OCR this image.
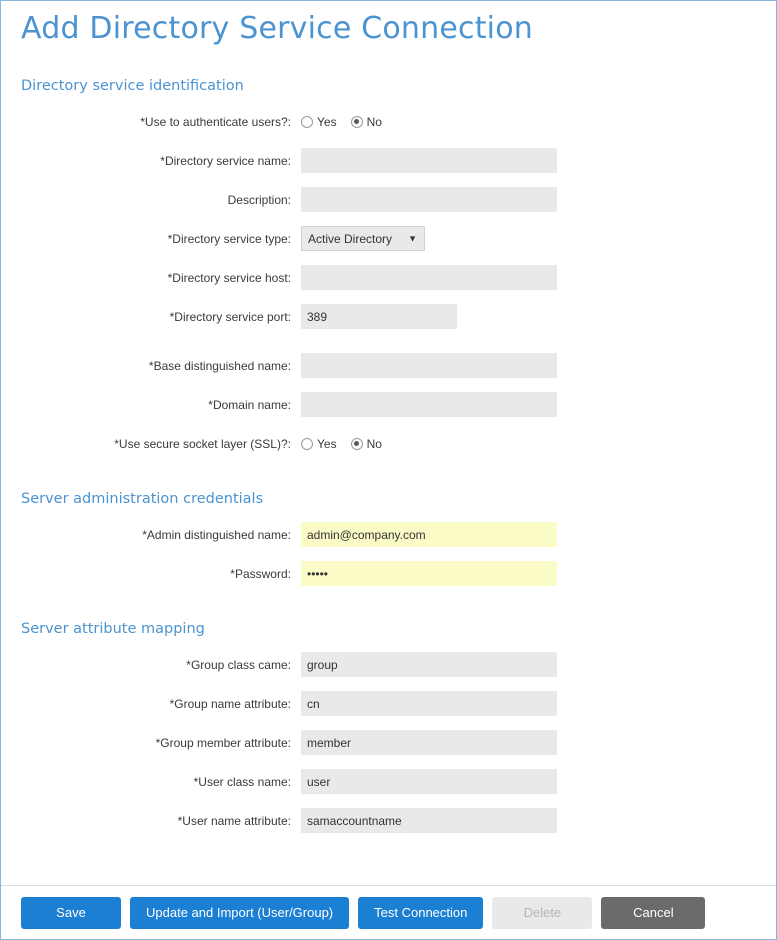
Add Directory Service Connection
Directory service identification
*Use to authenticate users?:	Yes	No
*Directory service name:
Description:
*Directory service type:	Active Directory ▼
*Directory service host:
*Directory service port:
389
*Base distinguished name:
*Domain name:
*Use secure socket layer (SSL)?:	Yes	No
Server administration credentials
*Admin distinguished name:
admin@company.com
*Password:
•••••
Server attribute mapping
*Group class came:
group
*Group name attribute:
cn
*Group member attribute:
member
*User class name:
user
*User name attribute:
samaccountname
Save	Update and Import (User/Group)	Test Connection	Delete	Cancel
